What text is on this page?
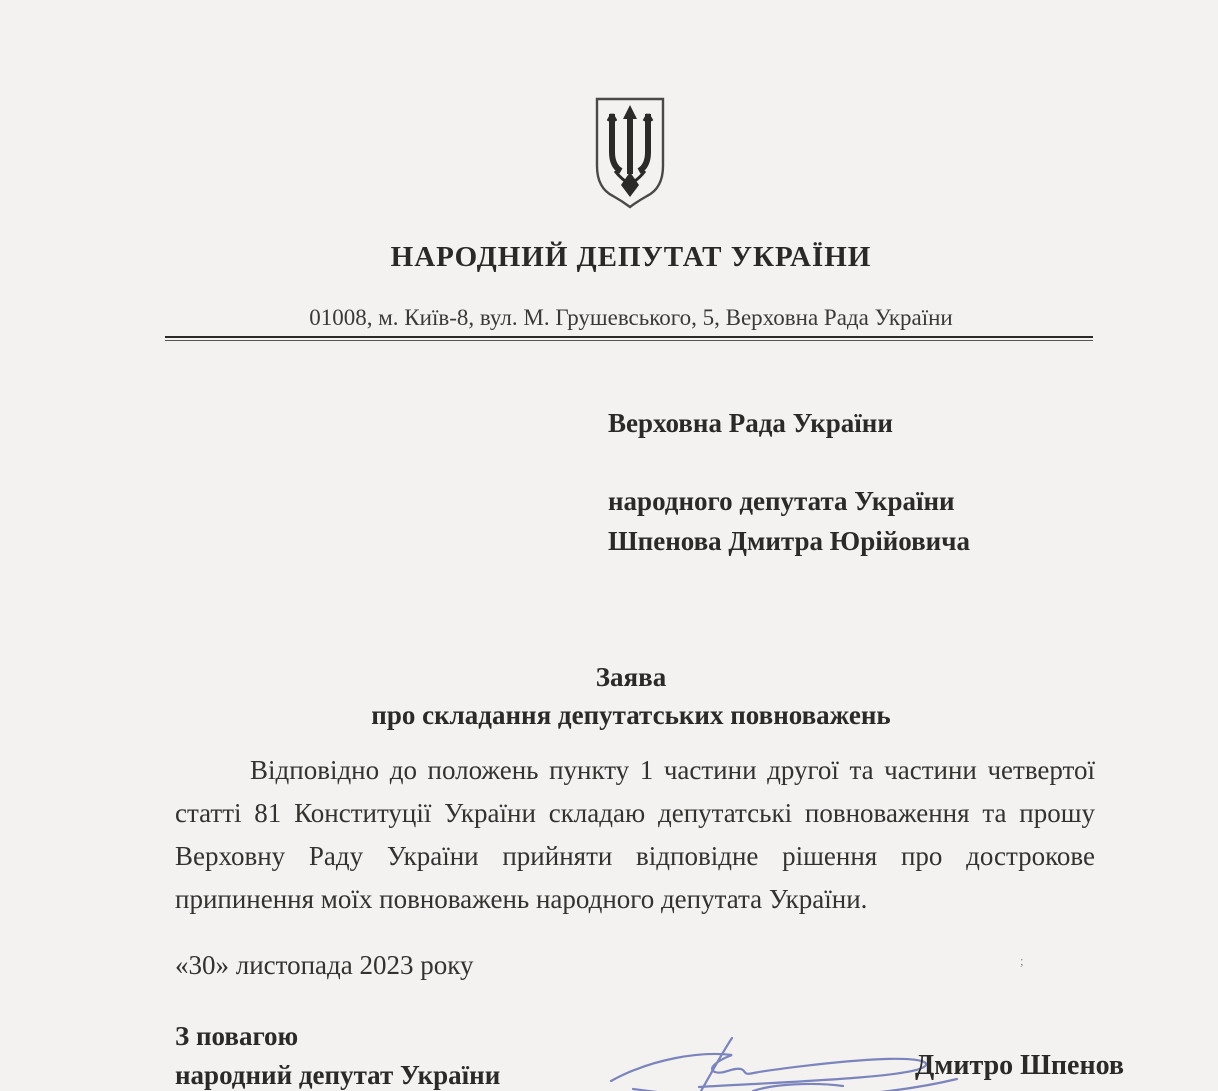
НАРОДНИЙ ДЕПУТАТ УКРАЇНИ
01008, м. Київ-8, вул. М. Грушевського, 5, Верховна Рада України
Верховна Рада України
народного депутата України
Шпенова Дмитра Юрійовича
Заява
про складання депутатських повноважень
Відповідно до положень пункту 1 частини другої та частини четвертої статті 81 Конституції України складаю депутатські повноваження та прошу Верховну Раду України прийняти відповідне рішення про дострокове припинення моїх повноважень народного депутата України.
«30» листопада 2023 року	;
З повагою
народний депутат України	Дмитро Шпенов
